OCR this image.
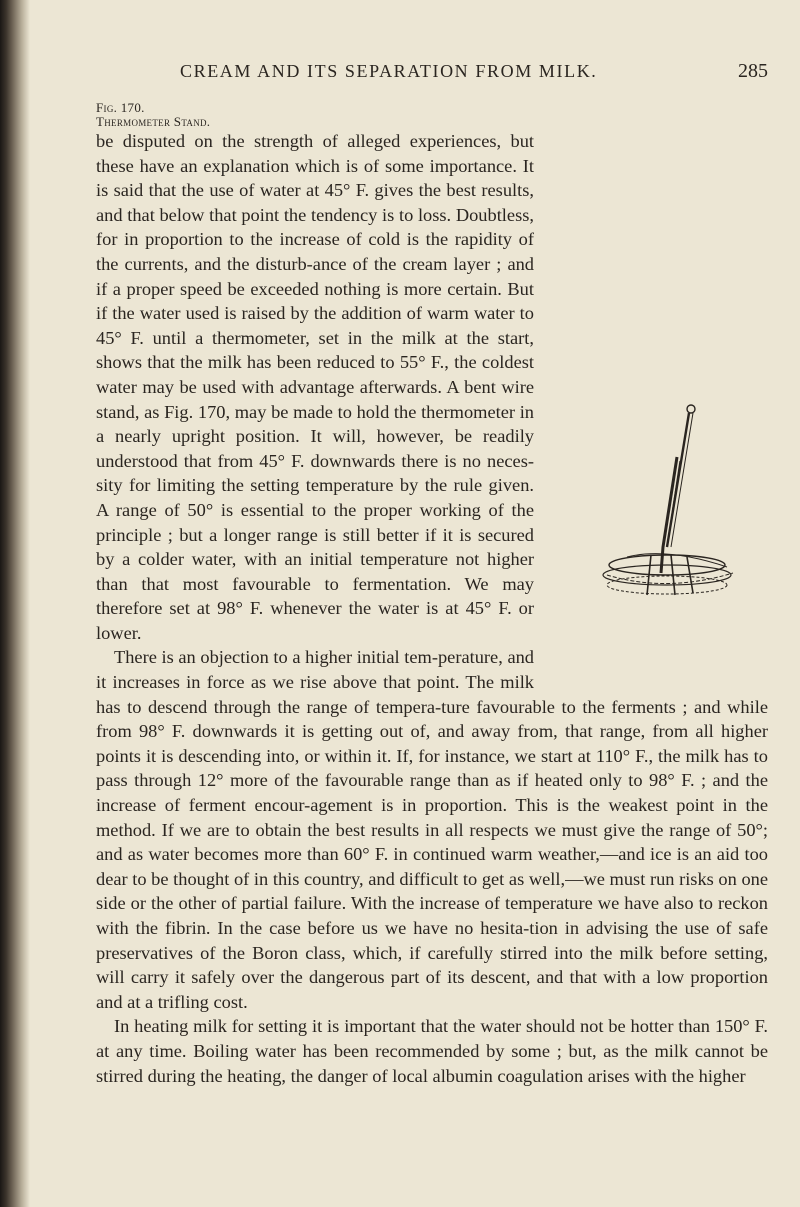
CREAM AND ITS SEPARATION FROM MILK.	285

Fig. 170.
Thermometer Stand.
be disputed on the strength of alleged experiences, but these have an explanation which is of some importance. It is said that the use of water at 45° F. gives the best results, and that below that point the tendency is to loss. Doubtless, for in proportion to the increase of cold is the rapidity of the currents, and the disturb-ance of the cream layer ; and if a proper speed be exceeded nothing is more certain. But if the water used is raised by the addition of warm water to 45° F. until a thermometer, set in the milk at the start, shows that the milk has been reduced to 55° F., the coldest water may be used with advantage afterwards. A bent wire stand, as Fig. 170, may be made to hold the thermometer in a nearly upright position. It will, however, be readily understood that from 45° F. downwards there is no neces-sity for limiting the setting temperature by the rule given. A range of 50° is essential to the proper working of the principle ; but a longer range is still better if it is secured by a colder water, with an initial temperature not higher than that most favourable to fermentation. We may therefore set at 98° F. whenever the water is at 45° F. or lower.

There is an objection to a higher initial tem-perature, and it increases in force as we rise above that point. The milk has to descend through the range of tempera-ture favourable to the ferments ; and while from 98° F. downwards it is getting out of, and away from, that range, from all higher points it is descending into, or within it. If, for instance, we start at 110° F., the milk has to pass through 12° more of the favourable range than as if heated only to 98° F. ; and the increase of ferment encour-agement is in proportion. This is the weakest point in the method. If we are to obtain the best results in all respects we must give the range of 50°; and as water becomes more than 60° F. in continued warm weather,—and ice is an aid too dear to be thought of in this country, and difficult to get as well,—we must run risks on one side or the other of partial failure. With the increase of temperature we have also to reckon with the fibrin. In the case before us we have no hesita-tion in advising the use of safe preservatives of the Boron class, which, if carefully stirred into the milk before setting, will carry it safely over the dangerous part of its descent, and that with a low proportion and at a trifling cost.

In heating milk for setting it is important that the water should not be hotter than 150° F. at any time. Boiling water has been recommended by some ; but, as the milk cannot be stirred during the heating, the danger of local albumin coagulation arises with the higher
